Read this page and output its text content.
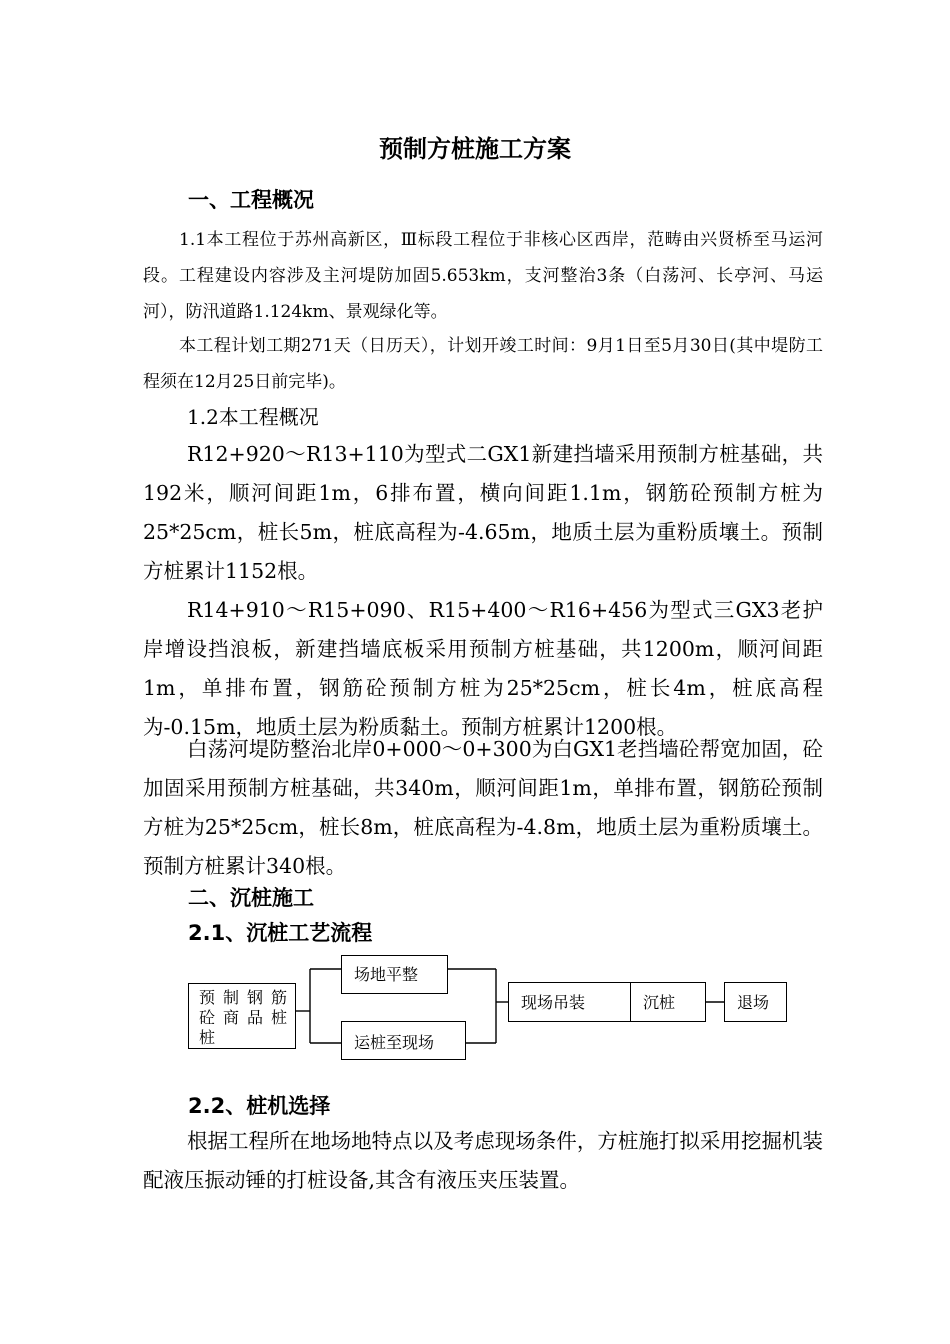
预制方桩施工方案
一、工程概况

1.1本工程位于苏州高新区，Ⅲ标段工程位于非核心区西岸，范畴由兴贤桥至马运河段。工程建设内容涉及主河堤防加固5.653km，支河整治3条（白荡河、长亭河、马运河），防汛道路1.124km、景观绿化等。

本工程计划工期271天（日历天），计划开竣工时间：9月1日至5月30日(其中堤防工程须在12月25日前完毕)。

1.2本工程概况

R12+920～R13+110为型式二GX1新建挡墙采用预制方桩基础，共192米，顺河间距1m，6排布置，横向间距1.1m，钢筋砼预制方桩为25*25cm，桩长5m，桩底高程为-4.65m，地质土层为重粉质壤土。预制方桩累计1152根。

R14+910～R15+090、R15+400～R16+456为型式三GX3老护岸增设挡浪板，新建挡墙底板采用预制方桩基础，共1200m，顺河间距1m，单排布置，钢筋砼预制方桩为25*25cm，桩长4m，桩底高程为-0.15m，地质土层为粉质黏土。预制方桩累计1200根。

白荡河堤防整治北岸0+000～0+300为白GX1老挡墙砼帮宽加固，砼加固采用预制方桩基础，共340m，顺河间距1m，单排布置，钢筋砼预制方桩为25*25cm，桩长8m，桩底高程为-4.8m，地质土层为重粉质壤土。预制方桩累计340根。

二、沉桩施工
2.1、沉桩工艺流程
预制钢筋
砼商品桩
桩
场地平整
运桩至现场
现场吊装	沉桩	退场
2.2、桩机选择

根据工程所在地场地特点以及考虑现场条件，方桩施打拟采用挖掘机装配液压振动锤的打桩设备,其含有液压夹压装置。
